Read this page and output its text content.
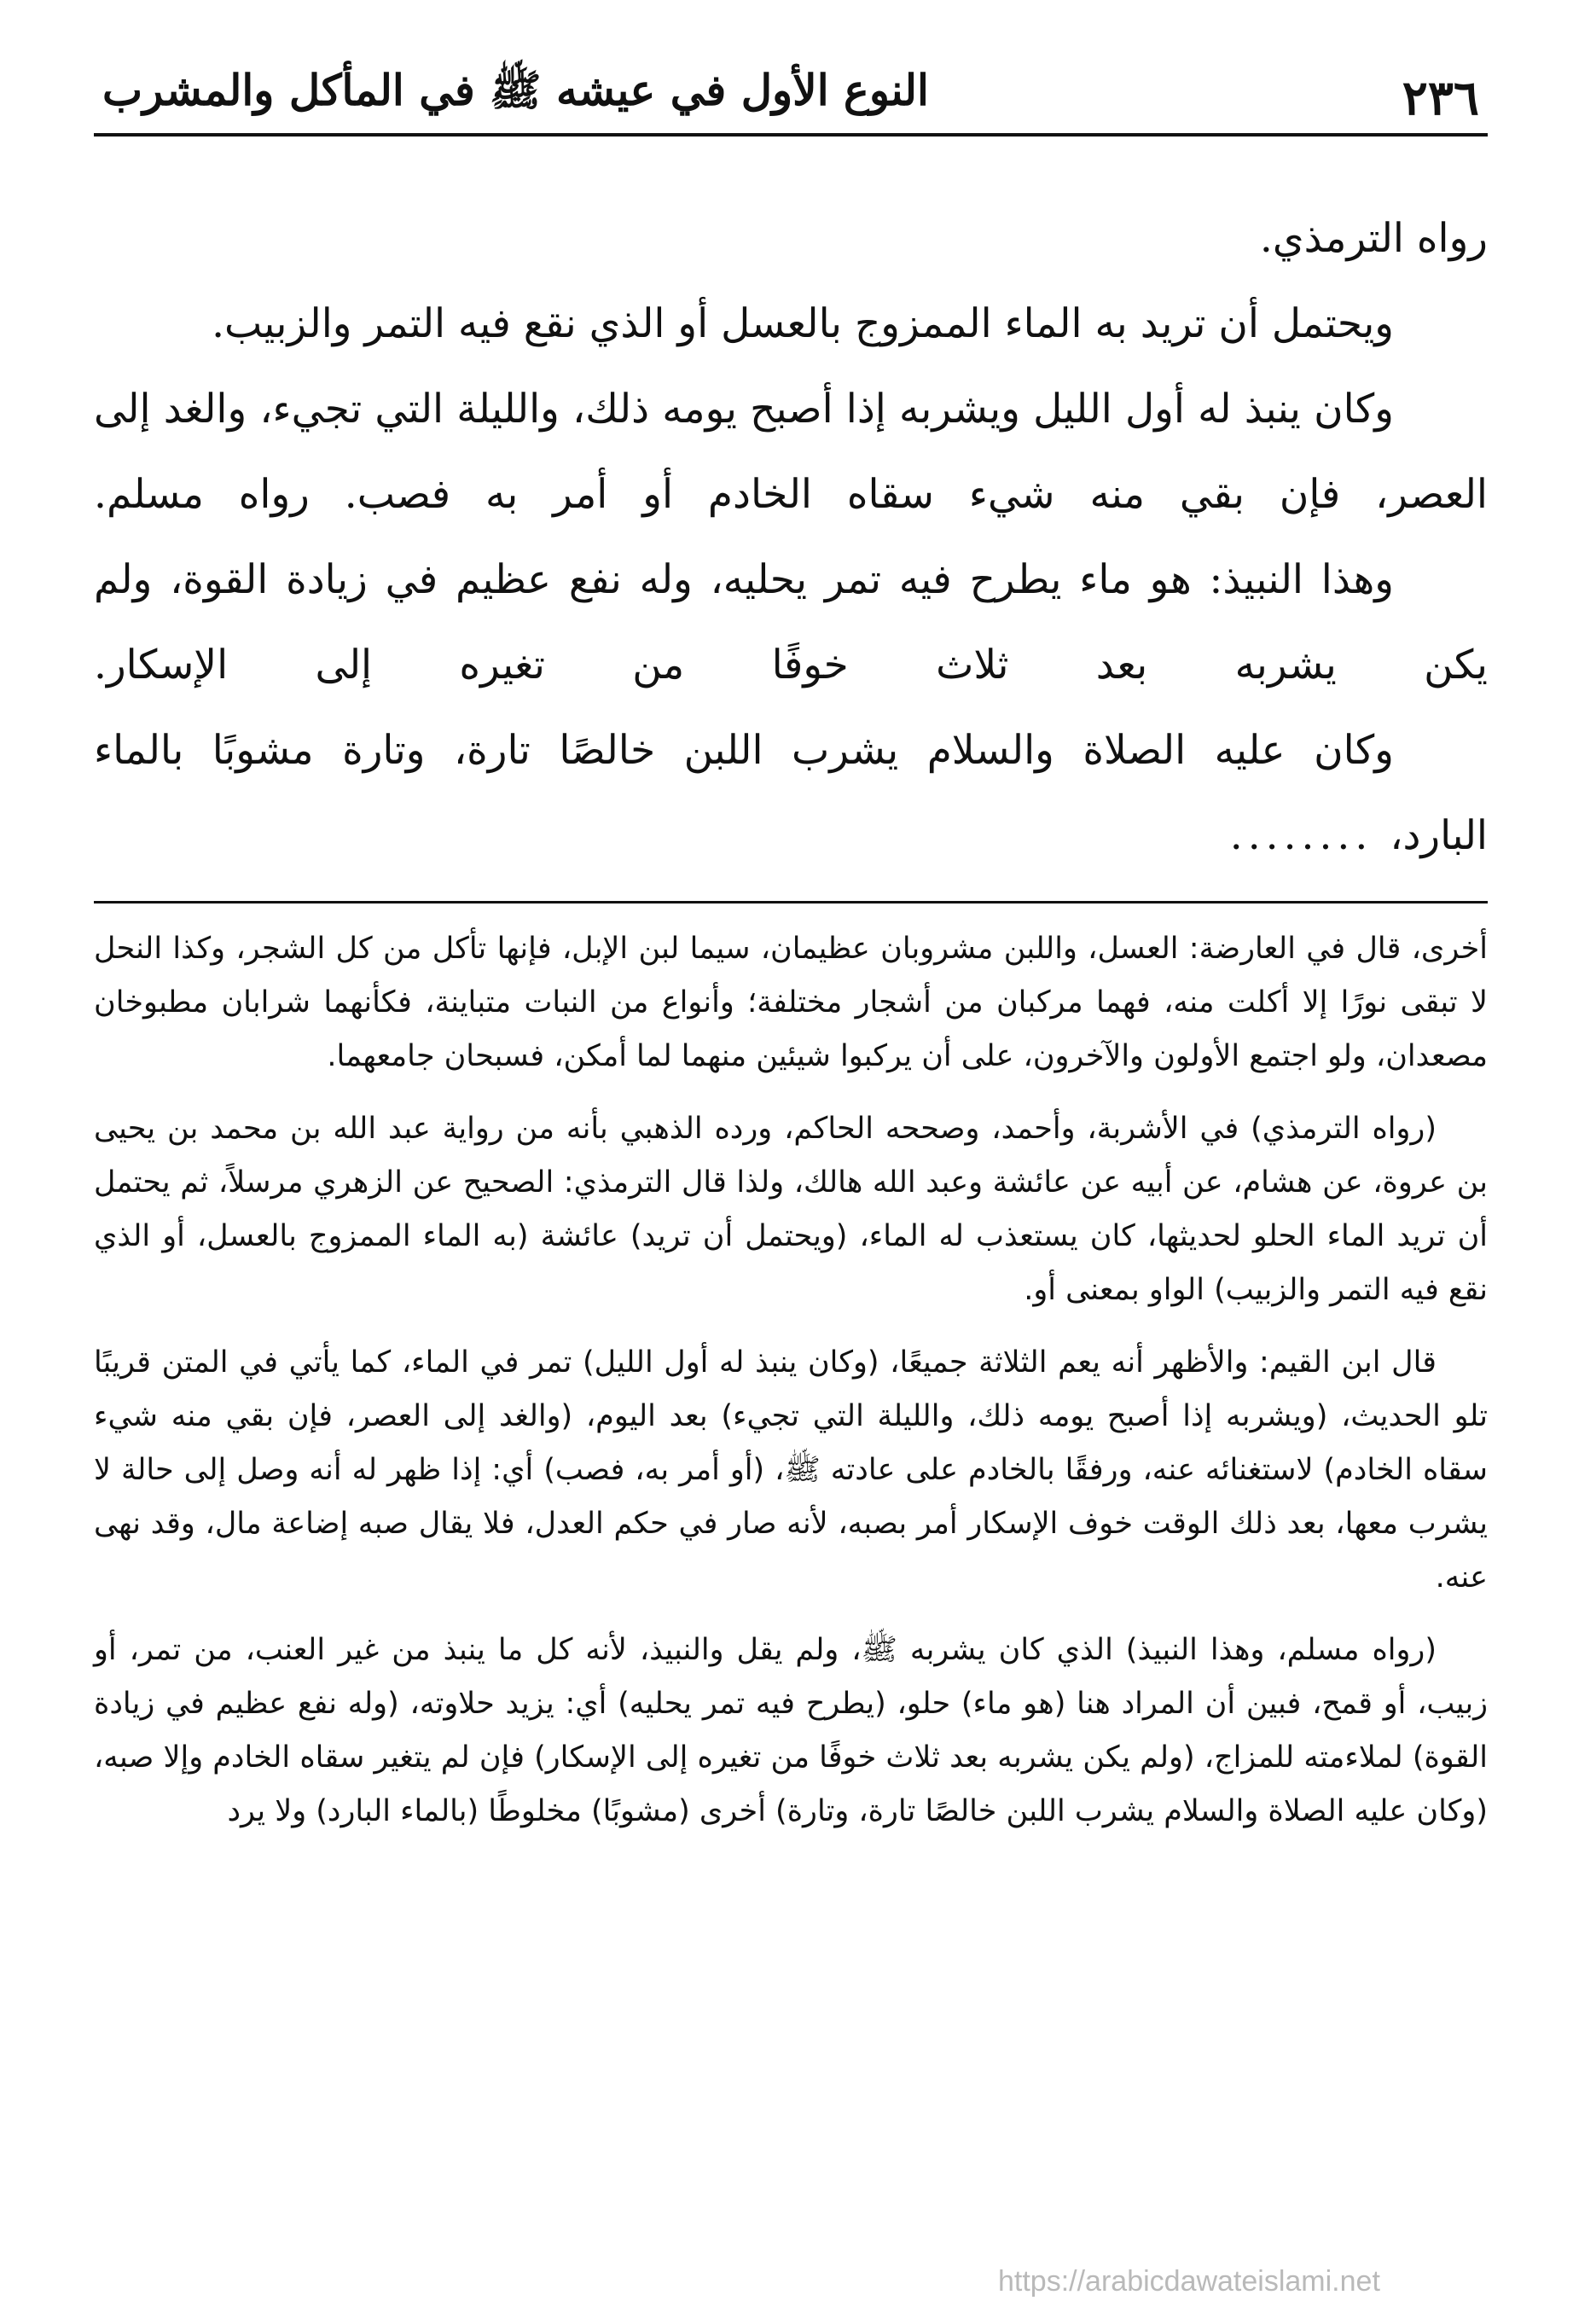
٢٣٦
النوع الأول في عيشه ﷺ في المأكل والمشرب

رواه الترمذي.

ويحتمل أن تريد به الماء الممزوج بالعسل أو الذي نقع فيه التمر والزبيب.

وكان ينبذ له أول الليل ويشربه إذا أصبح يومه ذلك، والليلة التي تجيء، والغد إلى العصر، فإن بقي منه شيء سقاه الخادم أو أمر به فصب. رواه مسلم.

وهذا النبيذ: هو ماء يطرح فيه تمر يحليه، وله نفع عظيم في زيادة القوة، ولم يكن يشربه بعد ثلاث خوفًا من تغيره إلى الإسكار.

وكان عليه الصلاة والسلام يشرب اللبن خالصًا تارة، وتارة مشوبًا بالماء

البارد،
........

أخرى، قال في العارضة: العسل، واللبن مشروبان عظيمان، سيما لبن الإبل، فإنها تأكل من كل الشجر، وكذا النحل لا تبقى نورًا إلا أكلت منه، فهما مركبان من أشجار مختلفة؛ وأنواع من النبات متباينة، فكأنهما شرابان مطبوخان مصعدان، ولو اجتمع الأولون والآخرون، على أن يركبوا شيئين منهما لما أمكن، فسبحان جامعهما.

(رواه الترمذي) في الأشربة، وأحمد، وصححه الحاكم، ورده الذهبي بأنه من رواية عبد الله بن محمد بن يحيى بن عروة، عن هشام، عن أبيه عن عائشة وعبد الله هالك، ولذا قال الترمذي: الصحيح عن الزهري مرسلاً، ثم يحتمل أن تريد الماء الحلو لحديثها، كان يستعذب له الماء، (ويحتمل أن تريد) عائشة (به الماء الممزوج بالعسل، أو الذي نقع فيه التمر والزبيب) الواو بمعنى أو.

قال ابن القيم: والأظهر أنه يعم الثلاثة جميعًا، (وكان ينبذ له أول الليل) تمر في الماء، كما يأتي في المتن قريبًا تلو الحديث، (ويشربه إذا أصبح يومه ذلك، والليلة التي تجيء) بعد اليوم، (والغد إلى العصر، فإن بقي منه شيء سقاه الخادم) لاستغنائه عنه، ورفقًا بالخادم على عادته ﷺ، (أو أمر به، فصب) أي: إذا ظهر له أنه وصل إلى حالة لا يشرب معها، بعد ذلك الوقت خوف الإسكار أمر بصبه، لأنه صار في حكم العدل، فلا يقال صبه إضاعة مال، وقد نهى عنه.

(رواه مسلم، وهذا النبيذ) الذي كان يشربه ﷺ، ولم يقل والنبيذ، لأنه كل ما ينبذ من غير العنب، من تمر، أو زبيب، أو قمح، فبين أن المراد هنا (هو ماء) حلو، (يطرح فيه تمر يحليه) أي: يزيد حلاوته، (وله نفع عظيم في زيادة القوة) لملاءمته للمزاج، (ولم يكن يشربه بعد ثلاث خوفًا من تغيره إلى الإسكار) فإن لم يتغير سقاه الخادم وإلا صبه، (وكان عليه الصلاة والسلام يشرب اللبن خالصًا تارة، وتارة) أخرى (مشوبًا) مخلوطًا (بالماء البارد) ولا يرد

https://arabicdawateislami.net
